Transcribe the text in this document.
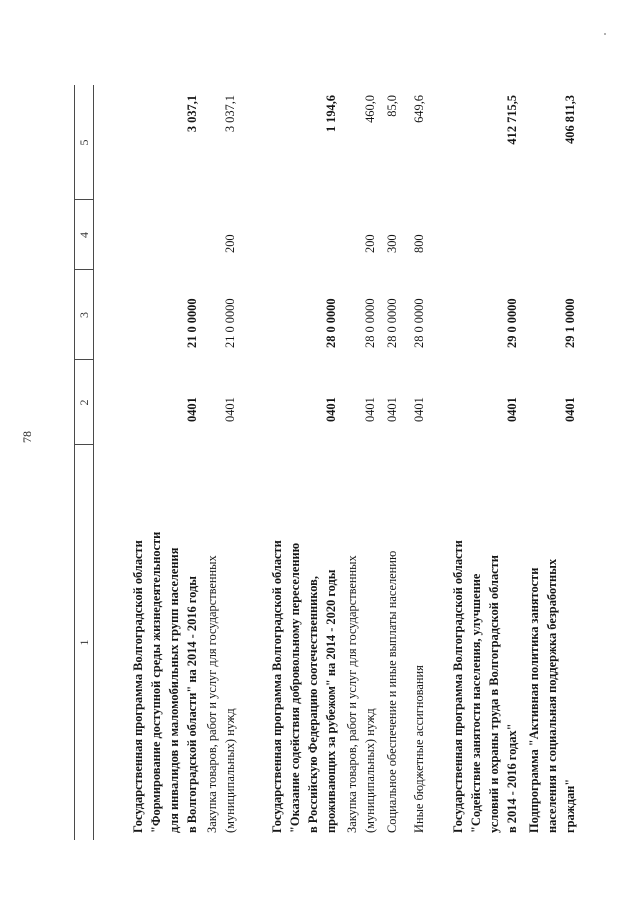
78
1
2
3
4
5
Государственная программа Волгоградской области "Формирование доступной среды жизнедеятельности для инвалидов и маломобильных групп населения в Волгоградской области" на 2014 - 2016 годы
0401
21 0 0000
3 037,1
Закупка товаров, работ и услуг для государственных (муниципальных) нужд
0401
21 0 0000
200
3 037,1
Государственная программа Волгоградской области "Оказание содействия добровольному переселению в Российскую Федерацию соотечественников, проживающих за рубежом" на 2014 - 2020 годы
0401
28 0 0000
1 194,6
Закупка товаров, работ и услуг для государственных (муниципальных) нужд
0401
28 0 0000
200
460,0
Социальное обеспечение и иные выплаты населению
0401
28 0 0000
300
85,0
Иные бюджетные ассигнования
0401
28 0 0000
800
649,6
Государственная программа Волгоградской области "Содействие занятости населения, улучшение условий и охраны труда в Волгоградской области в 2014 - 2016 годах"
0401
29 0 0000
412 715,5
Подпрограмма "Активная политика занятости населения и социальная поддержка безработных граждан"
0401
29 1 0000
406 811,3
